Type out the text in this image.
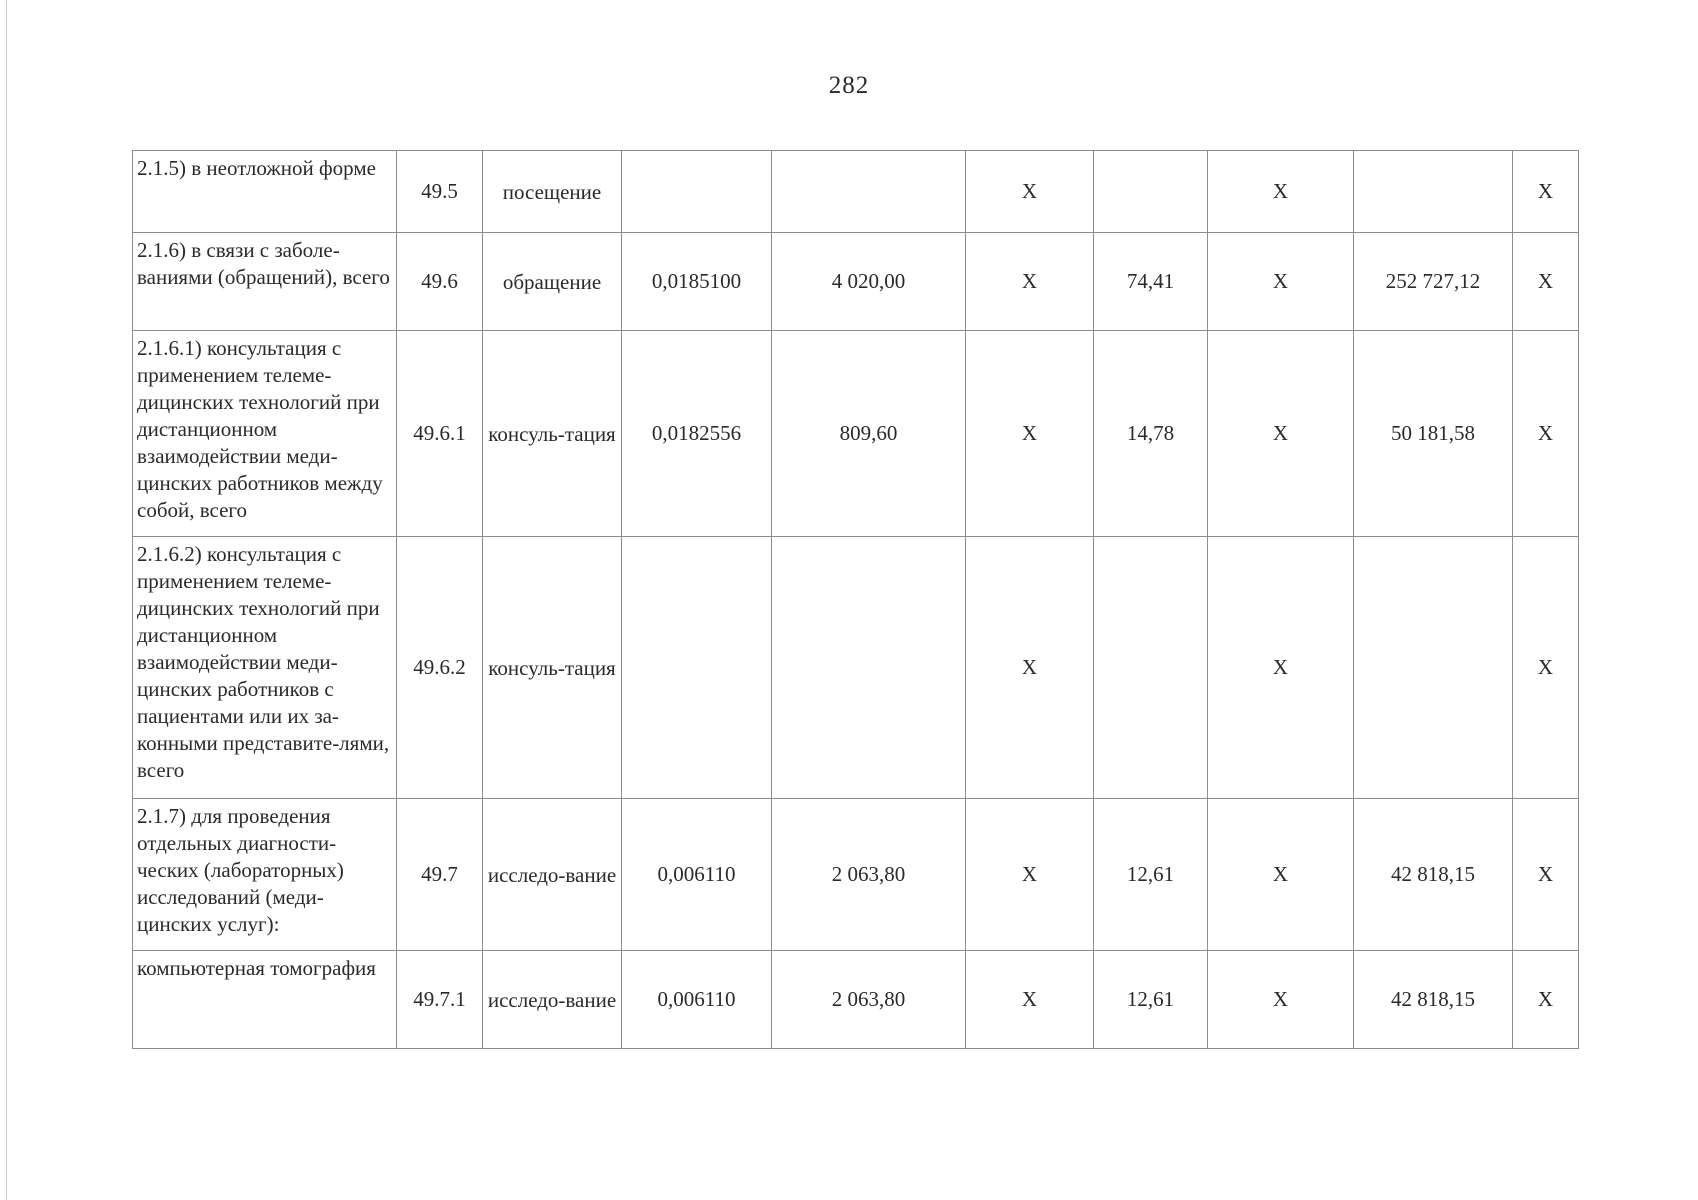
282
2.1.5) в неотложной форме	49.5	посещение			X		X		X
2.1.6) в связи с заболе-ваниями (обращений), всего	49.6	обращение	0,0185100	4 020,00	X	74,41	X	252 727,12	X
2.1.6.1) консультация с применением телеме-дицинских технологий при дистанционном взаимодействии меди-цинских работников между собой, всего	49.6.1	консуль-тация	0,0182556	809,60	X	14,78	X	50 181,58	X
2.1.6.2) консультация с применением телеме-дицинских технологий при дистанционном взаимодействии меди-цинских работников с пациентами или их за-конными представите-лями, всего	49.6.2	консуль-тация			X		X		X
2.1.7) для проведения отдельных диагности-ческих (лабораторных) исследований (меди-цинских услуг):	49.7	исследо-вание	0,006110	2 063,80	X	12,61	X	42 818,15	X
компьютерная томография	49.7.1	исследо-вание	0,006110	2 063,80	X	12,61	X	42 818,15	X
